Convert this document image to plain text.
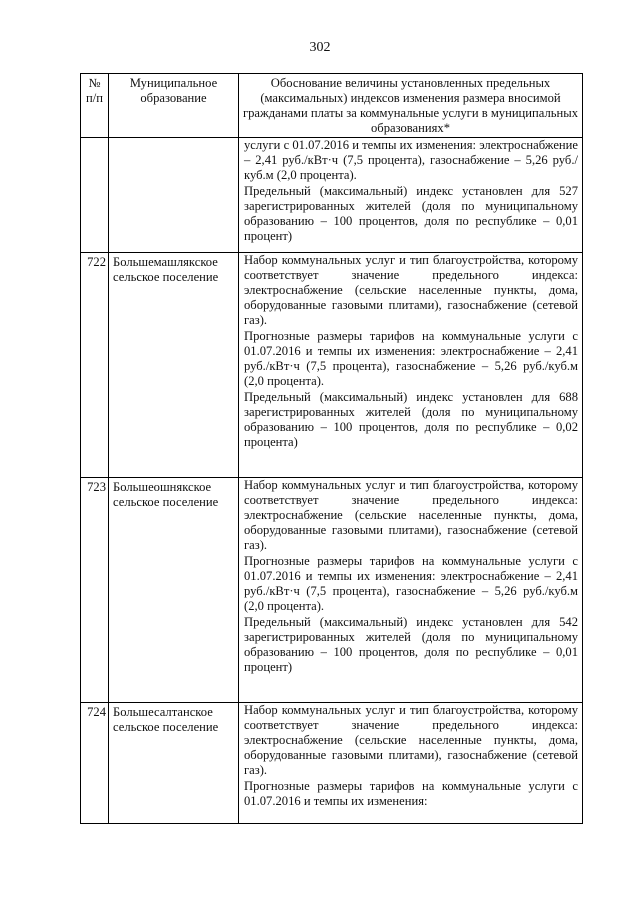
302
№ п/п	Муниципальное образование	Обоснование величины установленных предельных (максимальных) индексов изменения размера вносимой гражданами платы за коммунальные услуги в муниципальных образованиях*

		услуги с 01.07.2016 и темпы их изменения: электроснабжение – 2,41 руб./кВт·ч (7,5 процента), газоснабжение – 5,26 руб./куб.м (2,0 процента).

Предельный (максимальный) индекс установлен для 527 зарегистрированных жителей (доля по муниципальному образованию – 100 процентов, доля по республике – 0,01 процент)

722	Большемашлякское сельское поселение	Набор коммунальных услуг и тип благоустройства, которому соответствует значение предельного индекса: электроснабжение (сельские населенные пункты, дома, оборудованные газовыми плитами), газоснабжение (сетевой газ).

Прогнозные размеры тарифов на коммунальные услуги с 01.07.2016 и темпы их изменения: электроснабжение – 2,41 руб./кВт·ч (7,5 процента), газоснабжение – 5,26 руб./куб.м (2,0 процента).

Предельный (максимальный) индекс установлен для 688 зарегистрированных жителей (доля по муниципальному образованию – 100 процентов, доля по республике – 0,02 процента)

723	Большеошнякское сельское поселение	Набор коммунальных услуг и тип благоустройства, которому соответствует значение предельного индекса: электроснабжение (сельские населенные пункты, дома, оборудованные газовыми плитами), газоснабжение (сетевой газ).

Прогнозные размеры тарифов на коммунальные услуги с 01.07.2016 и темпы их изменения: электроснабжение – 2,41 руб./кВт·ч (7,5 процента), газоснабжение – 5,26 руб./куб.м (2,0 процента).

Предельный (максимальный) индекс установлен для 542 зарегистрированных жителей (доля по муниципальному образованию – 100 процентов, доля по республике – 0,01 процент)

724	Большесалтанское сельское поселение	Набор коммунальных услуг и тип благоустройства, которому соответствует значение предельного индекса: электроснабжение (сельские населенные пункты, дома, оборудованные газовыми плитами), газоснабжение (сетевой газ).

Прогнозные размеры тарифов на коммунальные услуги с 01.07.2016 и темпы их изменения:
